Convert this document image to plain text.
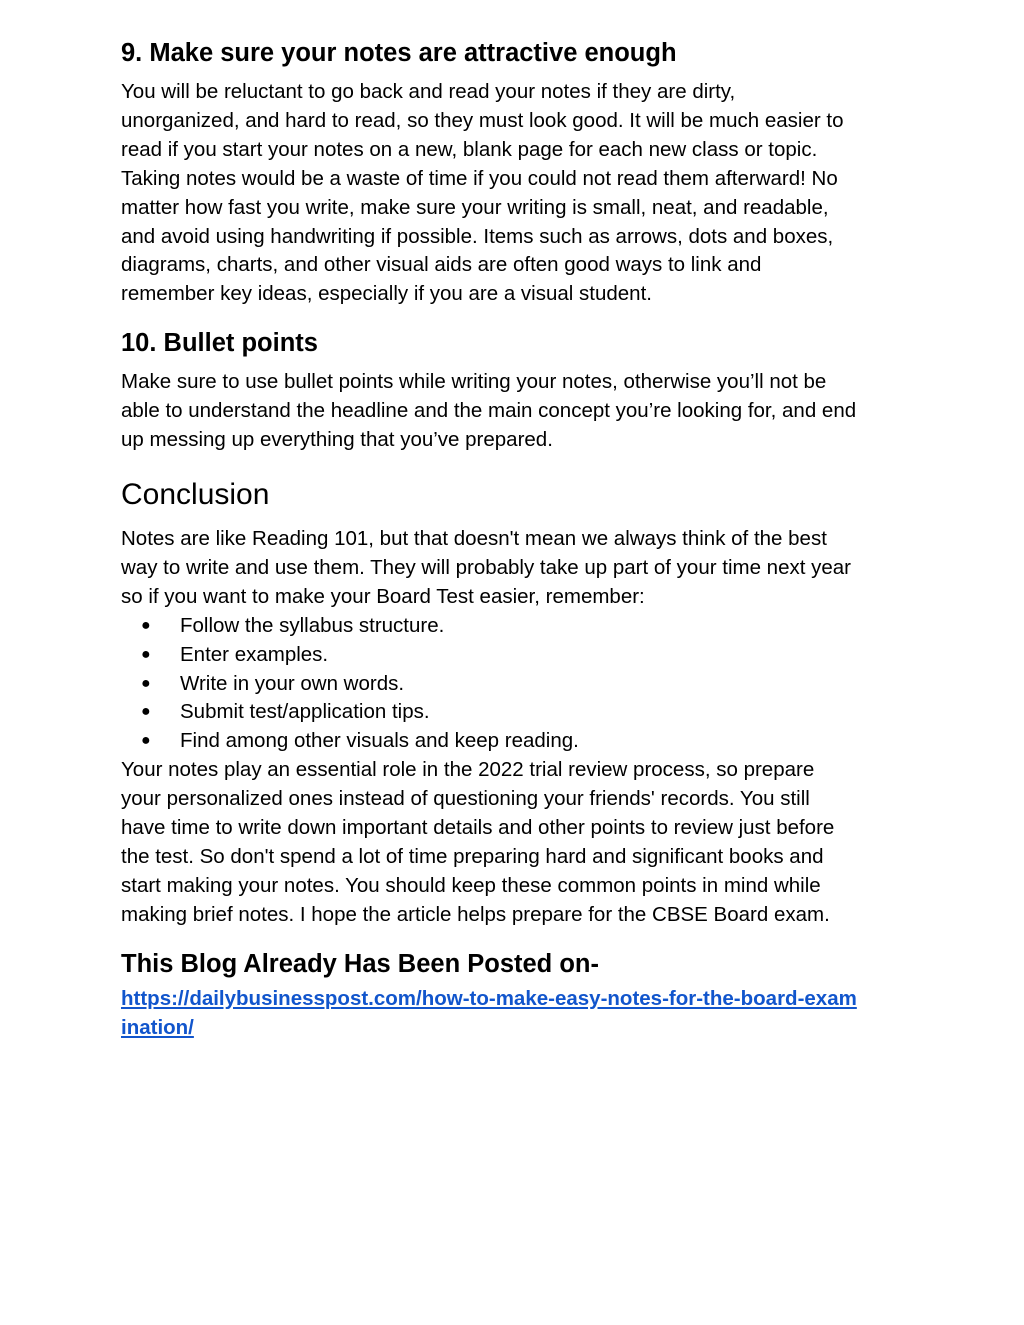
9. Make sure your notes are attractive enough

You will be reluctant to go back and read your notes if they are dirty,
unorganized, and hard to read, so they must look good. It will be much easier to
read if you start your notes on a new, blank page for each new class or topic.
Taking notes would be a waste of time if you could not read them afterward! No
matter how fast you write, make sure your writing is small, neat, and readable,
and avoid using handwriting if possible. Items such as arrows, dots and boxes,
diagrams, charts, and other visual aids are often good ways to link and
remember key ideas, especially if you are a visual student.

10. Bullet points

Make sure to use bullet points while writing your notes, otherwise you’ll not be
able to understand the headline and the main concept you’re looking for, and end
up messing up everything that you’ve prepared.

Conclusion

Notes are like Reading 101, but that doesn't mean we always think of the best
way to write and use them. They will probably take up part of your time next year
so if you want to make your Board Test easier, remember:

● Follow the syllabus structure.
● Enter examples.
● Write in your own words.
● Submit test/application tips.
● Find among other visuals and keep reading.

Your notes play an essential role in the 2022 trial review process, so prepare
your personalized ones instead of questioning your friends' records. You still
have time to write down important details and other points to review just before
the test. So don't spend a lot of time preparing hard and significant books and
start making your notes. You should keep these common points in mind while
making brief notes. I hope the article helps prepare for the CBSE Board exam.

This Blog Already Has Been Posted on-
https://dailybusinesspost.com/how-to-make-easy-notes-for-the-board-exam
ination/
